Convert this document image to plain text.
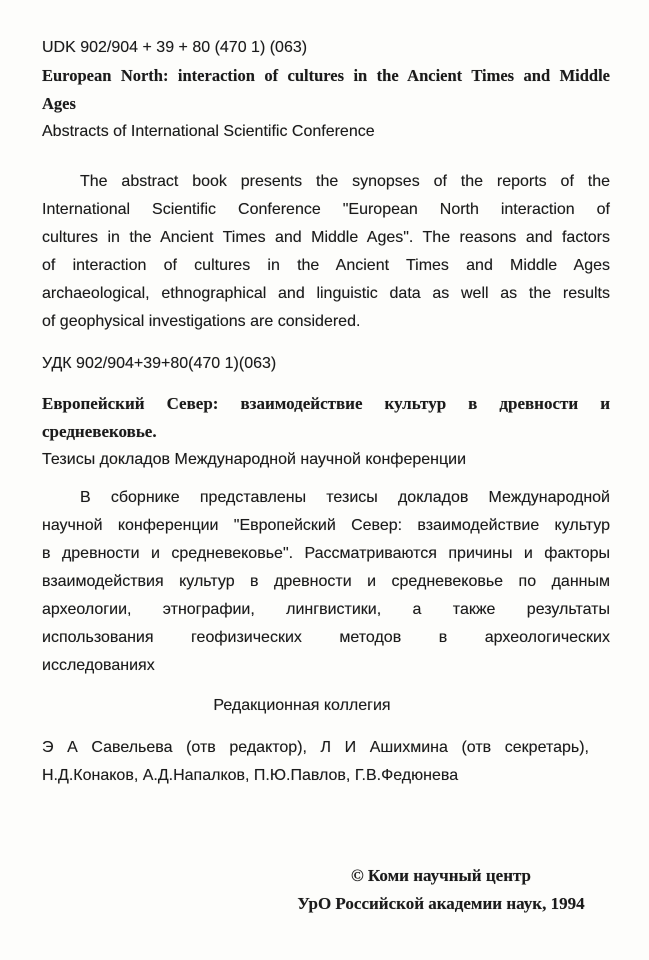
UDK 902/904 + 39 + 80 (470 1) (063)
European North: interaction of cultures in the Ancient Times and Middle
Ages
Abstracts of International Scientific Conference
The abstract book presents the synopses of the reports of the
International Scientific Conference "European North interaction of
cultures in the Ancient Times and Middle Ages". The reasons and factors
of interaction of cultures in the Ancient Times and Middle Ages
archaeological, ethnographical and linguistic data as well as the results
of geophysical investigations are considered.
УДК 902/904+39+80(470 1)(063)
Европейский Север: взаимодействие культур в древности и
средневековье.
Тезисы докладов Международной научной конференции
В сборнике представлены тезисы докладов Международной
научной конференции "Европейский Север: взаимодействие культур
в древности и средневековье". Рассматриваются причины и факторы
взаимодействия культур в древности и средневековье по данным
археологии, этнографии, лингвистики, а также результаты
использования геофизических методов в археологических
исследованиях
Редакционная коллегия
Э А Савельева (отв редактор), Л И Ашихмина (отв секретарь),
Н.Д.Конаков, А.Д.Напалков, П.Ю.Павлов, Г.В.Федюнева
© Коми научный центр
УрО Российской академии наук, 1994
